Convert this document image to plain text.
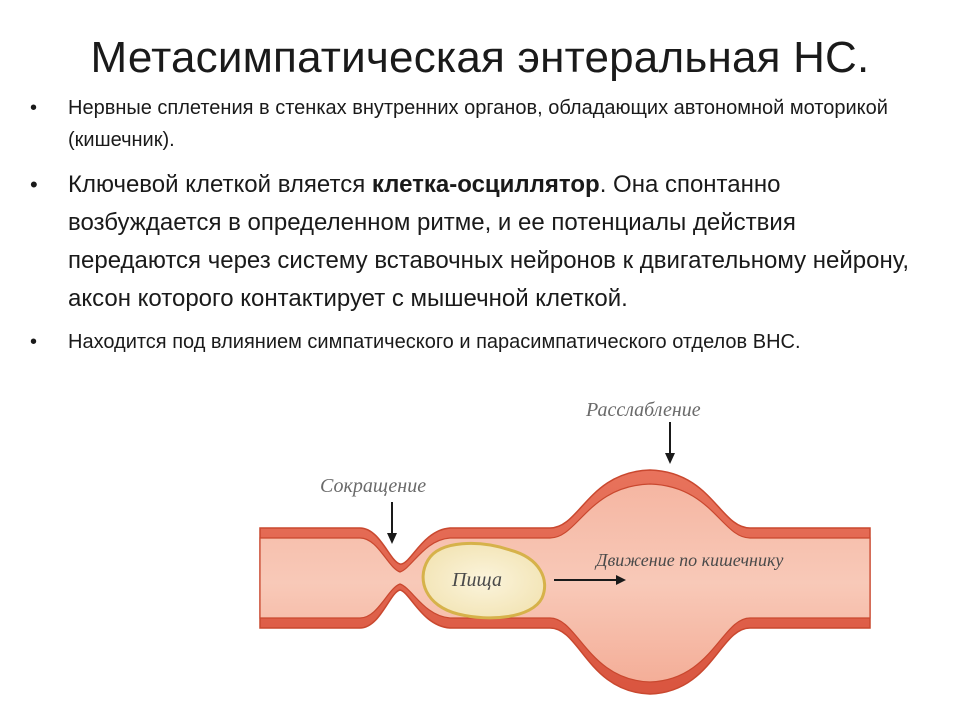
Метасимпатическая энтеральная НС.
• Нервные сплетения в стенках внутренних органов, обладающих автономной моторикой (кишечник).
• Ключевой клеткой вляется клетка-осциллятор. Она спонтанно возбуждается в определенном ритме, и ее потенциалы действия передаются через систему вставочных нейронов к двигательному нейрону, аксон которого контактирует с мышечной клеткой.
• Находится под влиянием симпатического и парасимпатического отделов ВНС.
Расслабление
Сокращение
Пища
Движение по кишечнику
